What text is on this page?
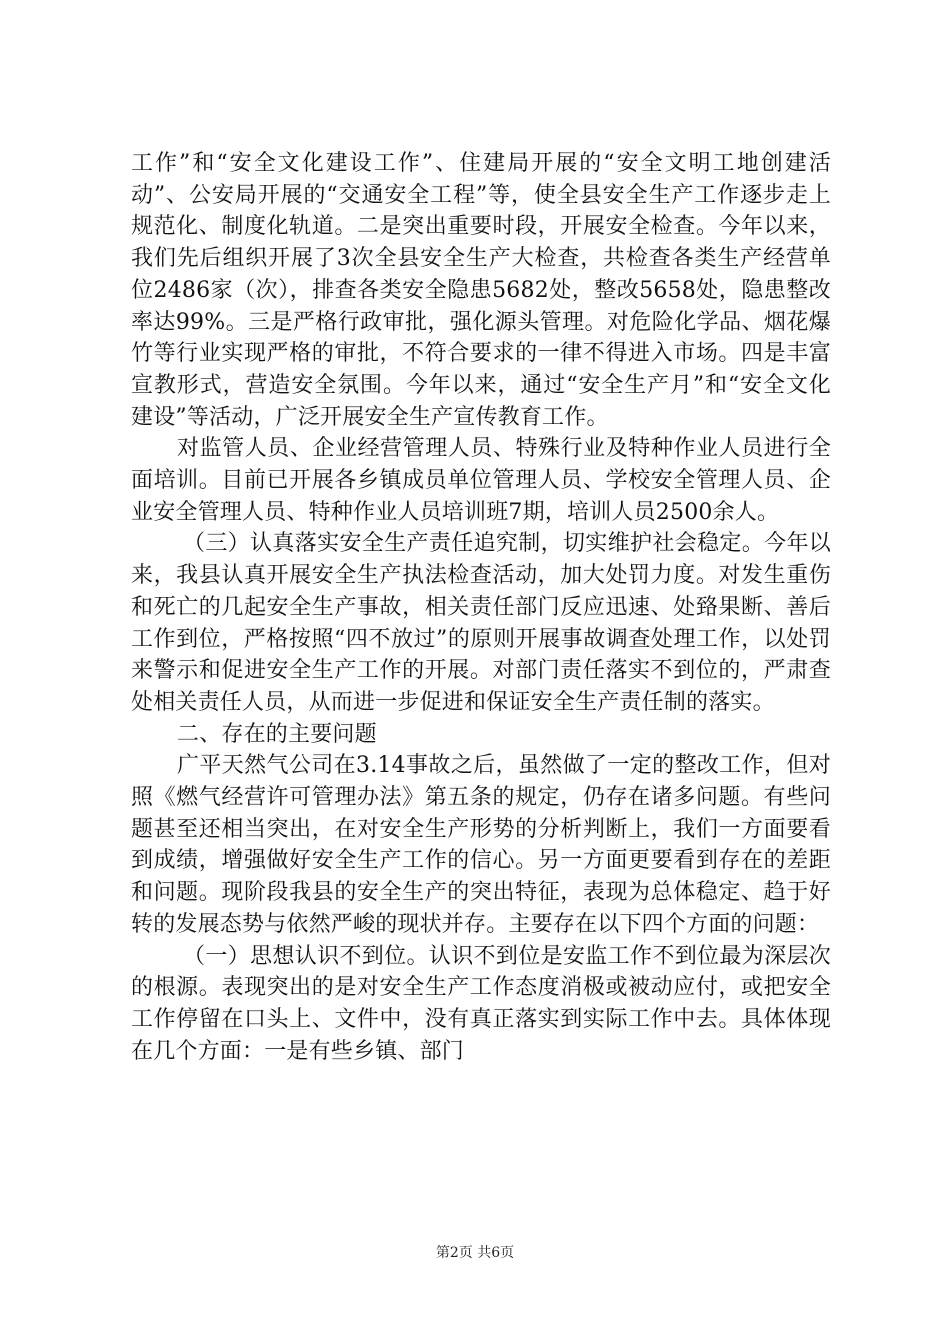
工作”和“安全文化建设工作”、住建局开展的“安全文明工地创建活动”、公安局开展的“交通安全工程”等，使全县安全生产工作逐步走上规范化、制度化轨道。二是突出重要时段，开展安全检查。今年以来，我们先后组织开展了3次全县安全生产大检查，共检查各类生产经营单位2486家（次），排查各类安全隐患5682处，整改5658处，隐患整改率达99%。三是严格行政审批，强化源头管理。对危险化学品、烟花爆竹等行业实现严格的审批，不符合要求的一律不得进入市场。四是丰富宣教形式，营造安全氛围。今年以来，通过“安全生产月”和“安全文化建设”等活动，广泛开展安全生产宣传教育工作。

对监管人员、企业经营管理人员、特殊行业及特种作业人员进行全面培训。目前已开展各乡镇成员单位管理人员、学校安全管理人员、企业安全管理人员、特种作业人员培训班7期，培训人员2500余人。

（三）认真落实安全生产责任追究制，切实维护社会稳定。今年以来，我县认真开展安全生产执法检查活动，加大处罚力度。对发生重伤和死亡的几起安全生产事故，相关责任部门反应迅速、处臵果断、善后工作到位，严格按照“四不放过”的原则开展事故调查处理工作，以处罚来警示和促进安全生产工作的开展。对部门责任落实不到位的，严肃查处相关责任人员，从而进一步促进和保证安全生产责任制的落实。

二、存在的主要问题

广平天然气公司在3.14事故之后，虽然做了一定的整改工作，但对照《燃气经营许可管理办法》第五条的规定，仍存在诸多问题。有些问题甚至还相当突出，在对安全生产形势的分析判断上，我们一方面要看到成绩，增强做好安全生产工作的信心。另一方面更要看到存在的差距和问题。现阶段我县的安全生产的突出特征，表现为总体稳定、趋于好转的发展态势与依然严峻的现状并存。主要存在以下四个方面的问题：

（一）思想认识不到位。认识不到位是安监工作不到位最为深层次的根源。表现突出的是对安全生产工作态度消极或被动应付，或把安全工作停留在口头上、文件中，没有真正落实到实际工作中去。具体体现在几个方面：一是有些乡镇、部门

第2页 共6页
